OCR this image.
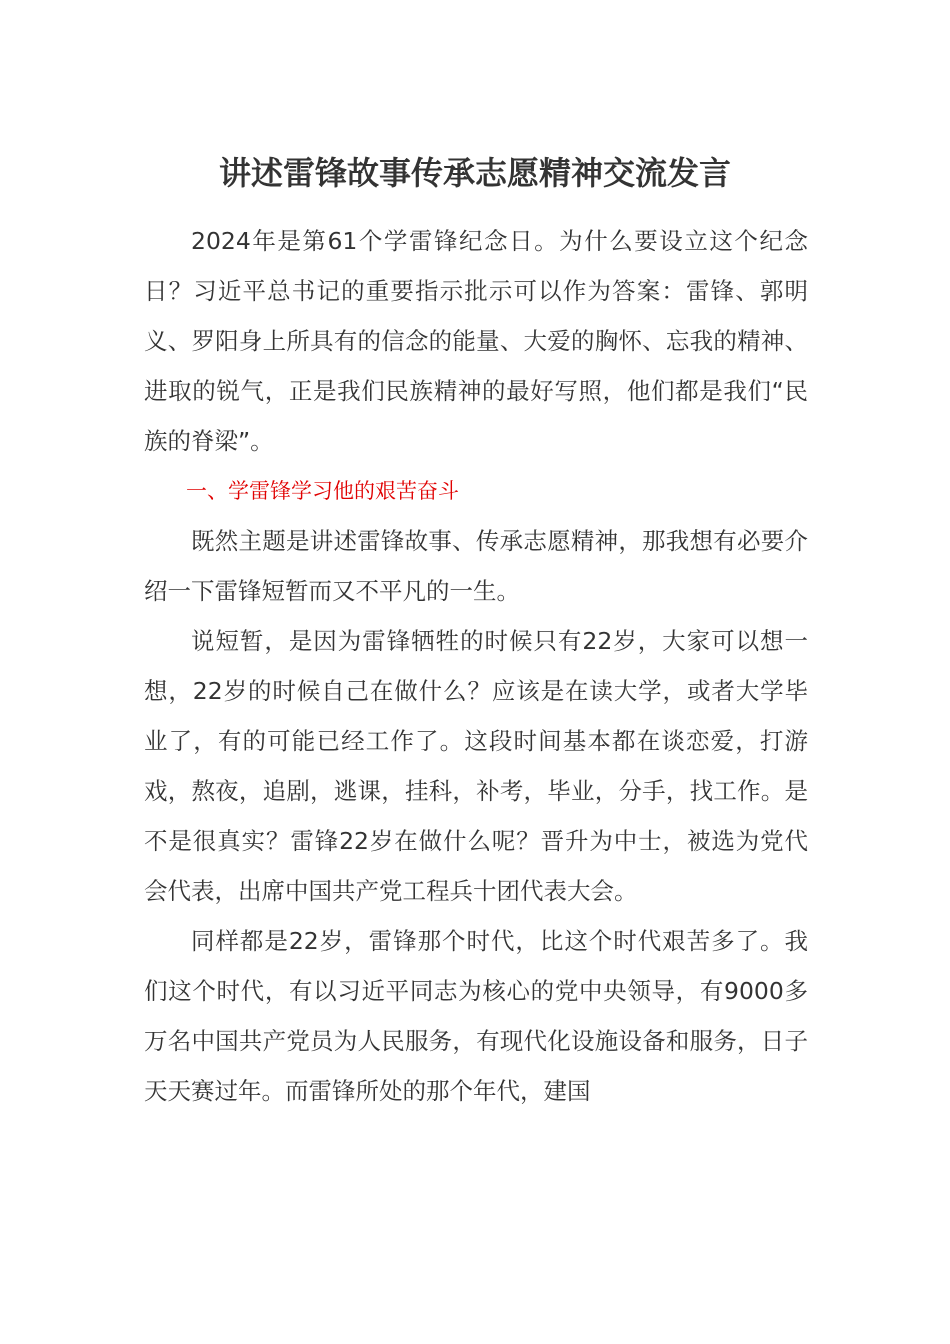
讲述雷锋故事传承志愿精神交流发言

2024年是第61个学雷锋纪念日。为什么要设立这个纪念日？习近平总书记的重要指示批示可以作为答案：雷锋、郭明义、罗阳身上所具有的信念的能量、大爱的胸怀、忘我的精神、进取的锐气，正是我们民族精神的最好写照，他们都是我们“民族的脊梁”。

一、学雷锋学习他的艰苦奋斗

既然主题是讲述雷锋故事、传承志愿精神，那我想有必要介绍一下雷锋短暂而又不平凡的一生。

说短暂，是因为雷锋牺牲的时候只有22岁，大家可以想一想，22岁的时候自己在做什么？应该是在读大学，或者大学毕业了，有的可能已经工作了。这段时间基本都在谈恋爱，打游戏，熬夜，追剧，逃课，挂科，补考，毕业，分手，找工作。是不是很真实？雷锋22岁在做什么呢？晋升为中士，被选为党代会代表，出席中国共产党工程兵十团代表大会。

同样都是22岁，雷锋那个时代，比这个时代艰苦多了。我们这个时代，有以习近平同志为核心的党中央领导，有9000多万名中国共产党员为人民服务，有现代化设施设备和服务，日子天天赛过年。而雷锋所处的那个年代，建国
